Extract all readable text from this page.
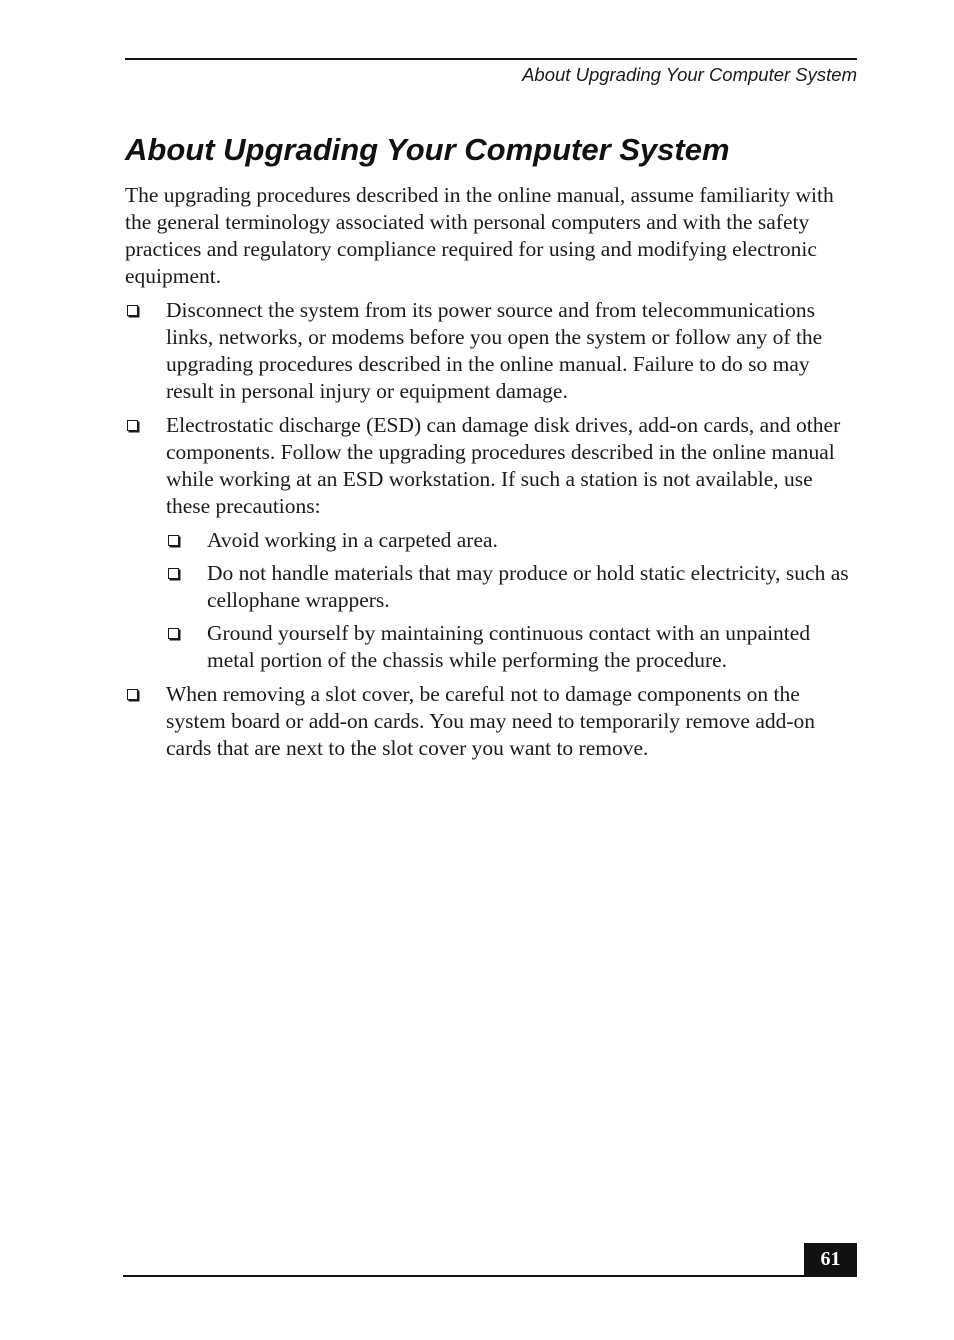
About Upgrading Your Computer System
About Upgrading Your Computer System

The upgrading procedures described in the online manual, assume familiarity with the general terminology associated with personal computers and with the safety practices and regulatory compliance required for using and modifying electronic equipment.

Disconnect the system from its power source and from telecommunications links, networks, or modems before you open the system or follow any of the upgrading procedures described in the online manual. Failure to do so may result in personal injury or equipment damage.
Electrostatic discharge (ESD) can damage disk drives, add-on cards, and other components. Follow the upgrading procedures described in the online manual while working at an ESD workstation. If such a station is not available, use these precautions:
Avoid working in a carpeted area.
Do not handle materials that may produce or hold static electricity, such as cellophane wrappers.
Ground yourself by maintaining continuous contact with an unpainted metal portion of the chassis while performing the procedure.
When removing a slot cover, be careful not to damage components on the system board or add-on cards. You may need to temporarily remove add-on cards that are next to the slot cover you want to remove.
61
